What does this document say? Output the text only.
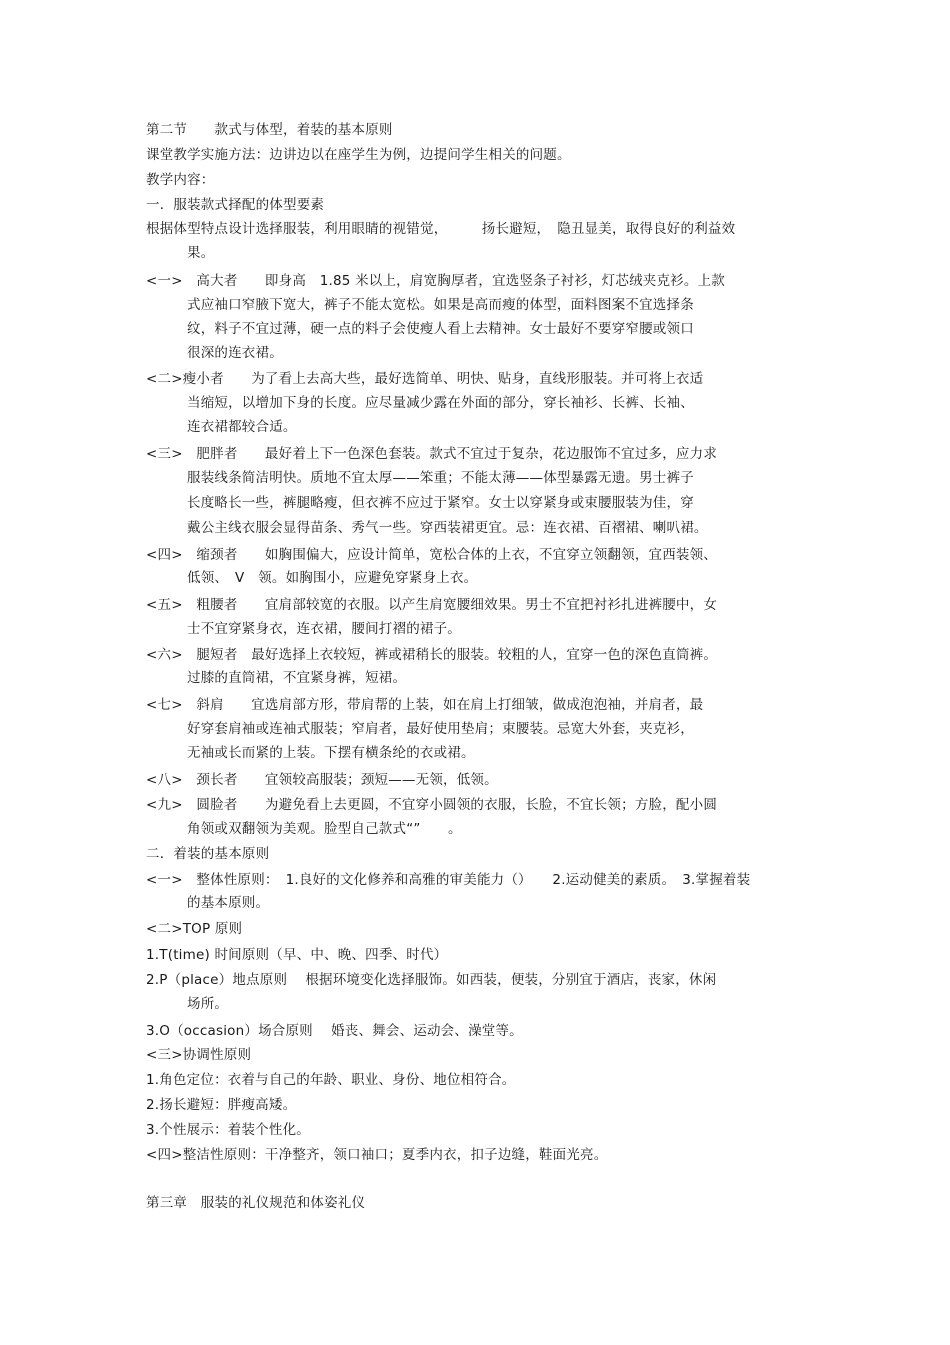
第二节　　款式与体型，着装的基本原则
课堂教学实施方法：边讲边以在座学生为例，边提问学生相关的问题。
教学内容：
一．服装款式择配的体型要素
根据体型特点设计选择服装，利用眼睛的视错觉，　　　扬长避短，　隐丑显美，取得良好的利益效
果。
<一>　高大者　　即身高　1.85 米以上，肩宽胸厚者，宜选竖条子衬衫，灯芯绒夹克衫。上款
式应袖口窄腋下宽大，裤子不能太宽松。如果是高而瘦的体型，面料图案不宜选择条
纹，料子不宜过薄，硬一点的料子会使瘦人看上去精神。女士最好不要穿窄腰或领口
很深的连衣裙。
<二>瘦小者　　为了看上去高大些，最好选简单、明快、贴身，直线形服装。并可将上衣适
当缩短，以增加下身的长度。应尽量减少露在外面的部分，穿长袖衫、长裤、长袖、
连衣裙都较合适。
<三>　肥胖者　　最好着上下一色深色套装。款式不宜过于复杂，花边服饰不宜过多，应力求
服装线条简洁明快。质地不宜太厚——笨重；不能太薄——体型暴露无遗。男士裤子
长度略长一些，裤腿略瘦，但衣裤不应过于紧窄。女士以穿紧身或束腰服装为佳，穿
戴公主线衣服会显得苗条、秀气一些。穿西装裙更宜。忌：连衣裙、百褶裙、喇叭裙。
<四>　缩颈者　　如胸围偏大，应设计简单，宽松合体的上衣，不宜穿立领翻领，宜西装领、
低领、　V　领。如胸围小，应避免穿紧身上衣。
<五>　粗腰者　　宜肩部较宽的衣服。以产生肩宽腰细效果。男士不宜把衬衫扎进裤腰中，女
士不宜穿紧身衣，连衣裙，腰间打褶的裙子。
<六>　腿短者　最好选择上衣较短，裤或裙稍长的服装。较粗的人，宜穿一色的深色直筒裤。
过膝的直筒裙，不宜紧身裤，短裙。
<七>　斜肩　　宜选肩部方形，带肩帮的上装，如在肩上打细皱，做成泡泡袖，并肩者，最
好穿套肩袖或连袖式服装；窄肩者，最好使用垫肩；束腰装。忌宽大外套，夹克衫，
无袖或长而紧的上装。下摆有横条纶的衣或裙。
<八>　颈长者　　宜领较高服装；颈短——无领，低领。
<九>　圆脸者　　为避免看上去更圆，不宜穿小圆领的衣服，长脸，不宜长领；方脸，配小圆
角领或双翻领为美观。脸型自己款式“”　　。
二．着装的基本原则
<一>　整体性原则：　1.良好的文化修养和高雅的审美能力（）　　2.运动健美的素质。　3.掌握着装
的基本原则。
<二>TOP 原则
1.T(time) 时间原则（早、中、晚、四季、时代）
2.P（place）地点原则　 根据环境变化选择服饰。如西装，便装，分别宜于酒店，丧家，休闲
场所。
3.O（occasion）场合原则　 婚丧、舞会、运动会、澡堂等。
<三>协调性原则
1.角色定位：衣着与自己的年龄、职业、身份、地位相符合。
2.扬长避短：胖瘦高矮。
3.个性展示：着装个性化。
<四>整洁性原则：干净整齐，领口袖口；夏季内衣，扣子边缝，鞋面光亮。
第三章　服装的礼仪规范和体姿礼仪
